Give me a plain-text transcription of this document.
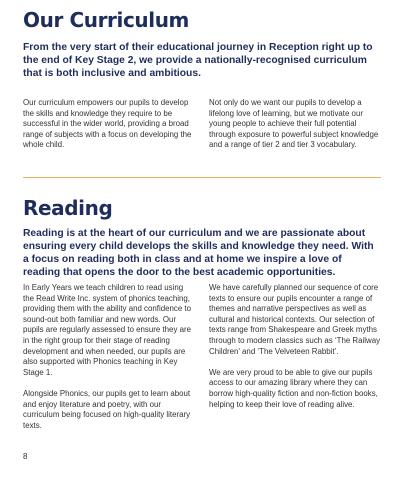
Our Curriculum

From the very start of their educational journey in Reception right up to the end of Key Stage 2, we provide a nationally-recognised curriculum that is both inclusive and ambitious.

Our curriculum empowers our pupils to develop the skills and knowledge they require to be successful in the wider world, providing a broad range of subjects with a focus on developing the whole child.

Not only do we want our pupils to develop a lifelong love of learning, but we motivate our young people to achieve their full potential through exposure to powerful subject knowledge and a range of tier 2 and tier 3 vocabulary.

Reading

Reading is at the heart of our curriculum and we are passionate about ensuring every child develops the skills and knowledge they need. With a focus on reading both in class and at home we inspire a love of reading that opens the door to the best academic opportunities.

In Early Years we teach children to read using the Read Write Inc. system of phonics teaching, providing them with the ability and confidence to sound-out both familiar and new words. Our pupils are regularly assessed to ensure they are in the right group for their stage of reading development and when needed, our pupils are also supported with Phonics teaching in Key Stage 1.

Alongside Phonics, our pupils get to learn about and enjoy literature and poetry, with our curriculum being focused on high-quality literary texts.

We have carefully planned our sequence of core texts to ensure our pupils encounter a range of themes and narrative perspectives as well as cultural and historical contexts. Our selection of texts range from Shakespeare and Greek myths through to modern classics such as ‘The Railway Children’ and ‘The Velveteen Rabbit’.

We are very proud to be able to give our pupils access to our amazing library where they can borrow high-quality fiction and non-fiction books, helping to keep their love of reading alive.

8
